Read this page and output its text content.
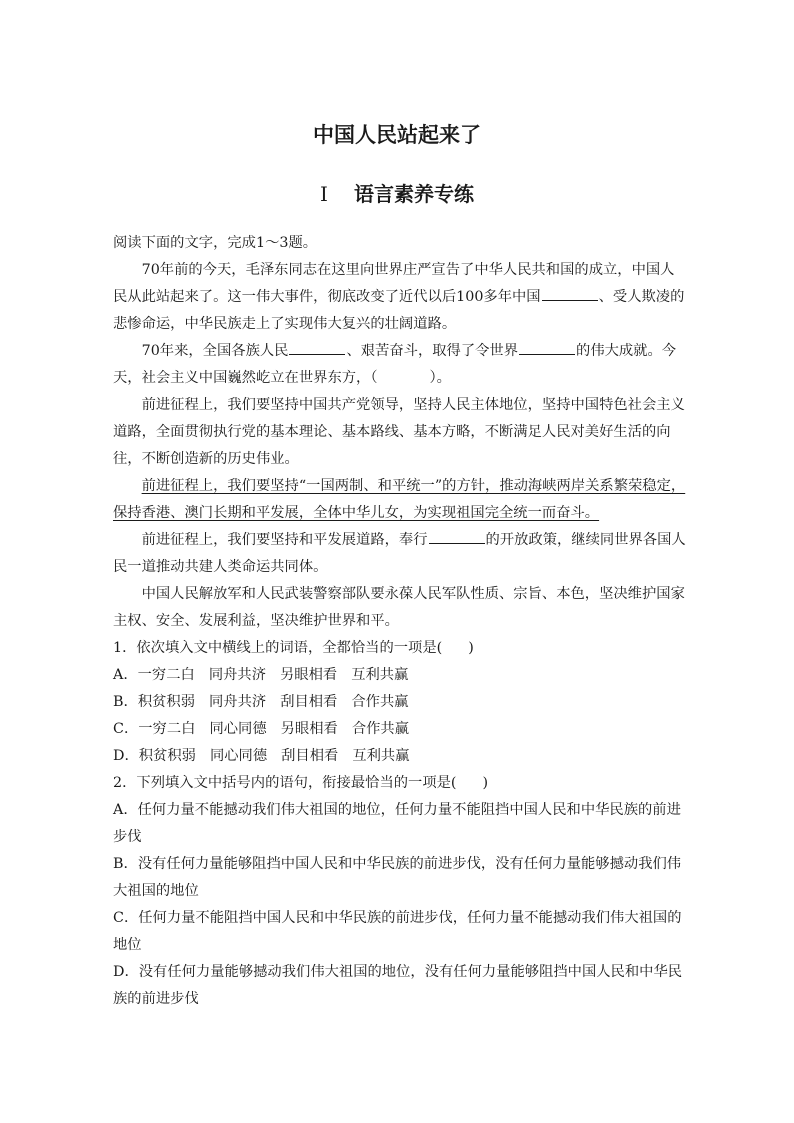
中国人民站起来了
Ⅰ 语言素养专练

阅读下面的文字，完成1～3题。

70年前的今天，毛泽东同志在这里向世界庄严宣告了中华人民共和国的成立，中国人民从此站起来了。这一伟大事件，彻底改变了近代以后100多年中国	、受人欺凌的悲惨命运，中华民族走上了实现伟大复兴的壮阔道路。

70年来，全国各族人民	、艰苦奋斗，取得了令世界	的伟大成就。今天，社会主义中国巍然屹立在世界东方，（	）。

前进征程上，我们要坚持中国共产党领导，坚持人民主体地位，坚持中国特色社会主义道路，全面贯彻执行党的基本理论、基本路线、基本方略，不断满足人民对美好生活的向往，不断创造新的历史伟业。

前进征程上，我们要坚持“一国两制、和平统一”的方针，推动海峡两岸关系繁荣稳定，保持香港、澳门长期和平发展，全体中华儿女，为实现祖国完全统一而奋斗。

前进征程上，我们要坚持和平发展道路，奉行	的开放政策，继续同世界各国人民一道推动共建人类命运共同体。

中国人民解放军和人民武装警察部队要永葆人民军队性质、宗旨、本色，坚决维护国家主权、安全、发展利益，坚决维护世界和平。

1．依次填入文中横线上的词语，全都恰当的一项是( )

A．一穷二白 同舟共济 另眼相看 互利共赢

B．积贫积弱 同舟共济 刮目相看 合作共赢

C．一穷二白 同心同德 另眼相看 合作共赢

D．积贫积弱 同心同德 刮目相看 互利共赢

2．下列填入文中括号内的语句，衔接最恰当的一项是( )

A．任何力量不能撼动我们伟大祖国的地位，任何力量不能阻挡中国人民和中华民族的前进步伐

B．没有任何力量能够阻挡中国人民和中华民族的前进步伐，没有任何力量能够撼动我们伟大祖国的地位

C．任何力量不能阻挡中国人民和中华民族的前进步伐，任何力量不能撼动我们伟大祖国的地位

D．没有任何力量能够撼动我们伟大祖国的地位，没有任何力量能够阻挡中国人民和中华民族的前进步伐
